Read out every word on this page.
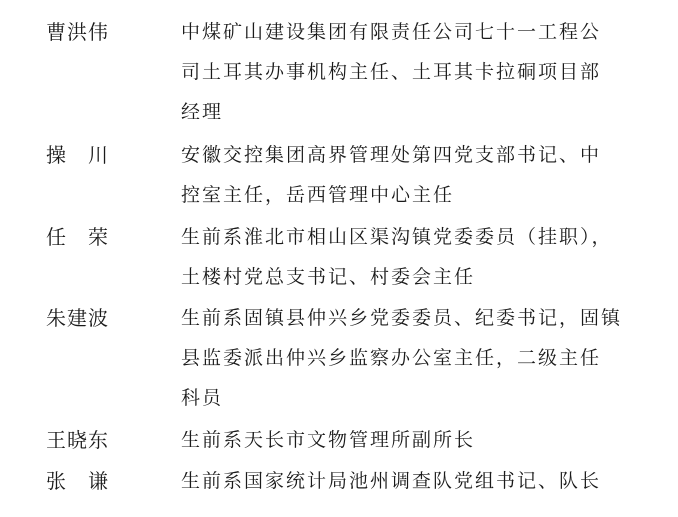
曹洪伟	中煤矿山建设集团有限责任公司七十一工程公
司土耳其办事机构主任、土耳其卡拉硐项目部
经理
操　川	安徽交控集团高界管理处第四党支部书记、中
控室主任，岳西管理中心主任
任　荣	生前系淮北市相山区渠沟镇党委委员（挂职），
土楼村党总支书记、村委会主任
朱建波	生前系固镇县仲兴乡党委委员、纪委书记，固镇
县监委派出仲兴乡监察办公室主任，二级主任
科员
王晓东	生前系天长市文物管理所副所长
张　谦	生前系国家统计局池州调查队党组书记、队长
